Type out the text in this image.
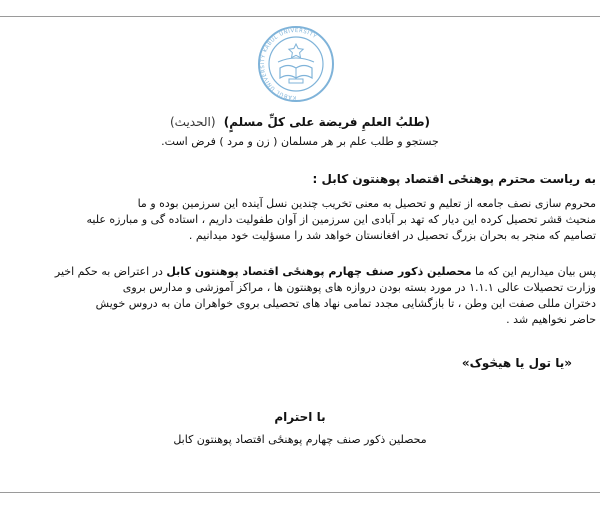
KABUL UNIVERSITY KABUL UNIVERSITY
(طلبُ العلمِ فريضة على كلِّ مسلمٍ) (الحديث)
جستجو و طلب علم بر هر مسلمان ( زن و مرد ) فرض است.
به ریاست محترم پوهنځی اقتصاد پوهنتون کابل :
محروم سازی نصف جامعه از تعلیم و تحصیل به معنی تخریب چندین نسل آینده این سرزمین بوده و ما
منحیث قشر تحصیل کرده این دیار که تهد بر آبادی این سرزمین از آوان طفولیت داریم ، استاده گی و مبارزه علیه
تصامیم که منجر به بحران بزرگ تحصیل در افغانستان خواهد شد را مسؤلیت خود میدانیم .
پس بیان میداریم این که ما محصلین ذکور صنف چهارم پوهنځی اقتصاد پوهنتون کابل در اعتراض به حکم اخیر
وزارت تحصیلات عالی ۱.۱.۱ در مورد بسته بودن دروازه های پوهنتون ها ، مراکز آموزشی و مدارس بروی
دختران مللی صفت این وطن ، تا بازگشایی مجدد تمامی نهاد های تحصیلی بروی خواهران مان به دروس خویش
حاضر نخواهیم شد .
«یا تول یا هیڅوک»
با احترام
محصلین ذکور صنف چهارم پوهنځی اقتصاد پوهنتون کابل
